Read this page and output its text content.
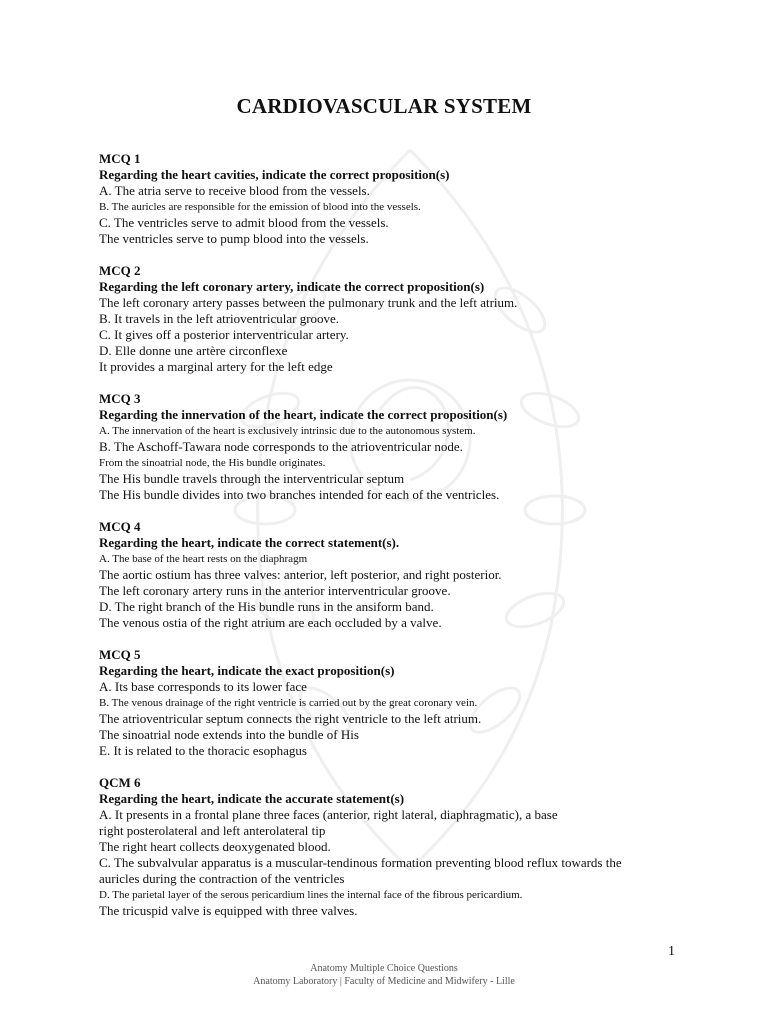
CARDIOVASCULAR SYSTEM
MCQ 1
Regarding the heart cavities, indicate the correct proposition(s)
A. The atria serve to receive blood from the vessels.
B. The auricles are responsible for the emission of blood into the vessels.
C. The ventricles serve to admit blood from the vessels.
The ventricles serve to pump blood into the vessels.
MCQ 2
Regarding the left coronary artery, indicate the correct proposition(s)
The left coronary artery passes between the pulmonary trunk and the left atrium.
B. It travels in the left atrioventricular groove.
C. It gives off a posterior interventricular artery.
D. Elle donne une artère circonflexe
It provides a marginal artery for the left edge
MCQ 3
Regarding the innervation of the heart, indicate the correct proposition(s)
A. The innervation of the heart is exclusively intrinsic due to the autonomous system.
B. The Aschoff-Tawara node corresponds to the atrioventricular node.
From the sinoatrial node, the His bundle originates.
The His bundle travels through the interventricular septum
The His bundle divides into two branches intended for each of the ventricles.
MCQ 4
Regarding the heart, indicate the correct statement(s).
A. The base of the heart rests on the diaphragm
The aortic ostium has three valves: anterior, left posterior, and right posterior.
The left coronary artery runs in the anterior interventricular groove.
D. The right branch of the His bundle runs in the ansiform band.
The venous ostia of the right atrium are each occluded by a valve.
MCQ 5
Regarding the heart, indicate the exact proposition(s)
A. Its base corresponds to its lower face
B. The venous drainage of the right ventricle is carried out by the great coronary vein.
The atrioventricular septum connects the right ventricle to the left atrium.
The sinoatrial node extends into the bundle of His
E. It is related to the thoracic esophagus
QCM 6
Regarding the heart, indicate the accurate statement(s)
A. It presents in a frontal plane three faces (anterior, right lateral, diaphragmatic), a base
right posterolateral and left anterolateral tip
The right heart collects deoxygenated blood.
C. The subvalvular apparatus is a muscular-tendinous formation preventing blood reflux towards the
auricles during the contraction of the ventricles
D. The parietal layer of the serous pericardium lines the internal face of the fibrous pericardium.
The tricuspid valve is equipped with three valves.
1
Anatomy Multiple Choice Questions
Anatomy Laboratory | Faculty of Medicine and Midwifery - Lille
